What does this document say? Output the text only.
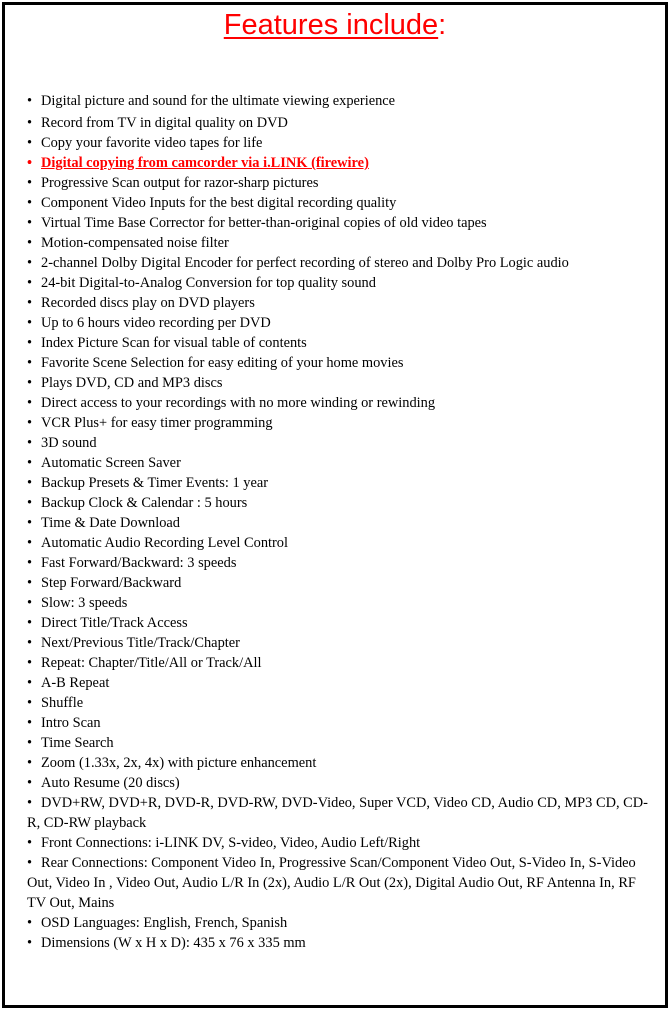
Features include:
• Digital picture and sound for the ultimate viewing experience
• Record from TV in digital quality on DVD
• Copy your favorite video tapes for life
• Digital copying from camcorder via i.LINK (firewire)
• Progressive Scan output for razor-sharp pictures
• Component Video Inputs for the best digital recording quality
• Virtual Time Base Corrector for better-than-original copies of old video tapes
• Motion-compensated noise filter
• 2-channel Dolby Digital Encoder for perfect recording of stereo and Dolby Pro Logic audio
• 24-bit Digital-to-Analog Conversion for top quality sound
• Recorded discs play on DVD players
• Up to 6 hours video recording per DVD
• Index Picture Scan for visual table of contents
• Favorite Scene Selection for easy editing of your home movies
• Plays DVD, CD and MP3 discs
• Direct access to your recordings with no more winding or rewinding
• VCR Plus+ for easy timer programming
• 3D sound
• Automatic Screen Saver
• Backup Presets & Timer Events: 1 year
• Backup Clock & Calendar : 5 hours
• Time & Date Download
• Automatic Audio Recording Level Control
• Fast Forward/Backward: 3 speeds
• Step Forward/Backward
• Slow: 3 speeds
• Direct Title/Track Access
• Next/Previous Title/Track/Chapter
• Repeat: Chapter/Title/All or Track/All
• A-B Repeat
• Shuffle
• Intro Scan
• Time Search
• Zoom (1.33x, 2x, 4x) with picture enhancement
• Auto Resume (20 discs)
• DVD+RW, DVD+R, DVD-R, DVD-RW, DVD-Video, Super VCD, Video CD, Audio CD, MP3 CD, CD-R, CD-RW playback
• Front Connections: i-LINK DV, S-video, Video, Audio Left/Right
• Rear Connections: Component Video In, Progressive Scan/Component Video Out, S-Video In, S-Video Out, Video In , Video Out, Audio L/R In (2x), Audio L/R Out (2x), Digital Audio Out, RF Antenna In, RF TV Out, Mains
• OSD Languages: English, French, Spanish
• Dimensions (W x H x D): 435 x 76 x 335 mm
